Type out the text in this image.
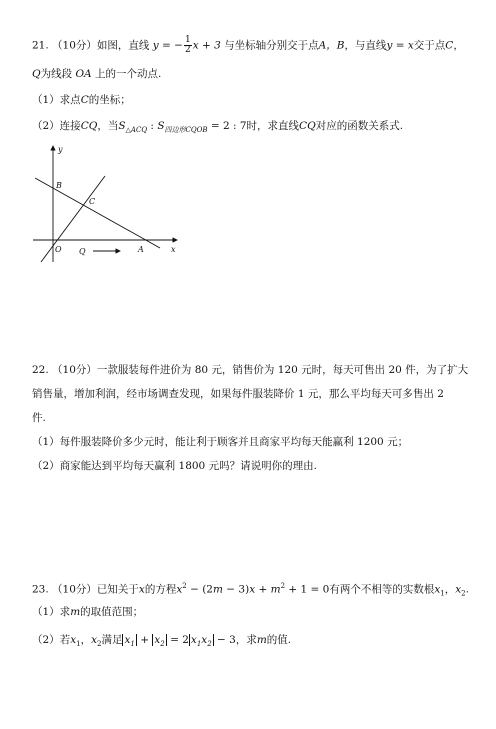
21. （10分）如图，直线 y = − $\frac{1}{2}$ x + 3 与坐标轴分别交于点A，B，与直线y = x交于点C，
Q为线段 OA 上的一个动点.
（1）求点C的坐标；
（2）连接CQ，当$S_{\triangle ACQ}$ : $S_{四边形CQOB} = 2$ : 7时，求直线CQ对应的函数关系式.
y
x
B
C
O Q	A
22. （10分）一款服装每件进价为 80 元，销售价为 120 元时，每天可售出 20 件，为了扩大
销售量，增加利润，经市场调查发现，如果每件服装降价 1 元，那么平均每天可多售出 2
件.
（1）每件服装降价多少元时，能让利于顾客并且商家平均每天能赢利 1200 元；
（2）商家能达到平均每天赢利 1800 元吗？请说明你的理由.
23. （10分）已知关于x的方程$x^2 - (2m - 3)x + m^2 + 1 = 0$有两个不相等的实数根$x_1$，$x_2$.
（1）求m的取值范围；
（2）若$x_1$，$x_2$满足 $x_1 + x_2 = 2$ $x_1x_2 - 3$，求m的值.
